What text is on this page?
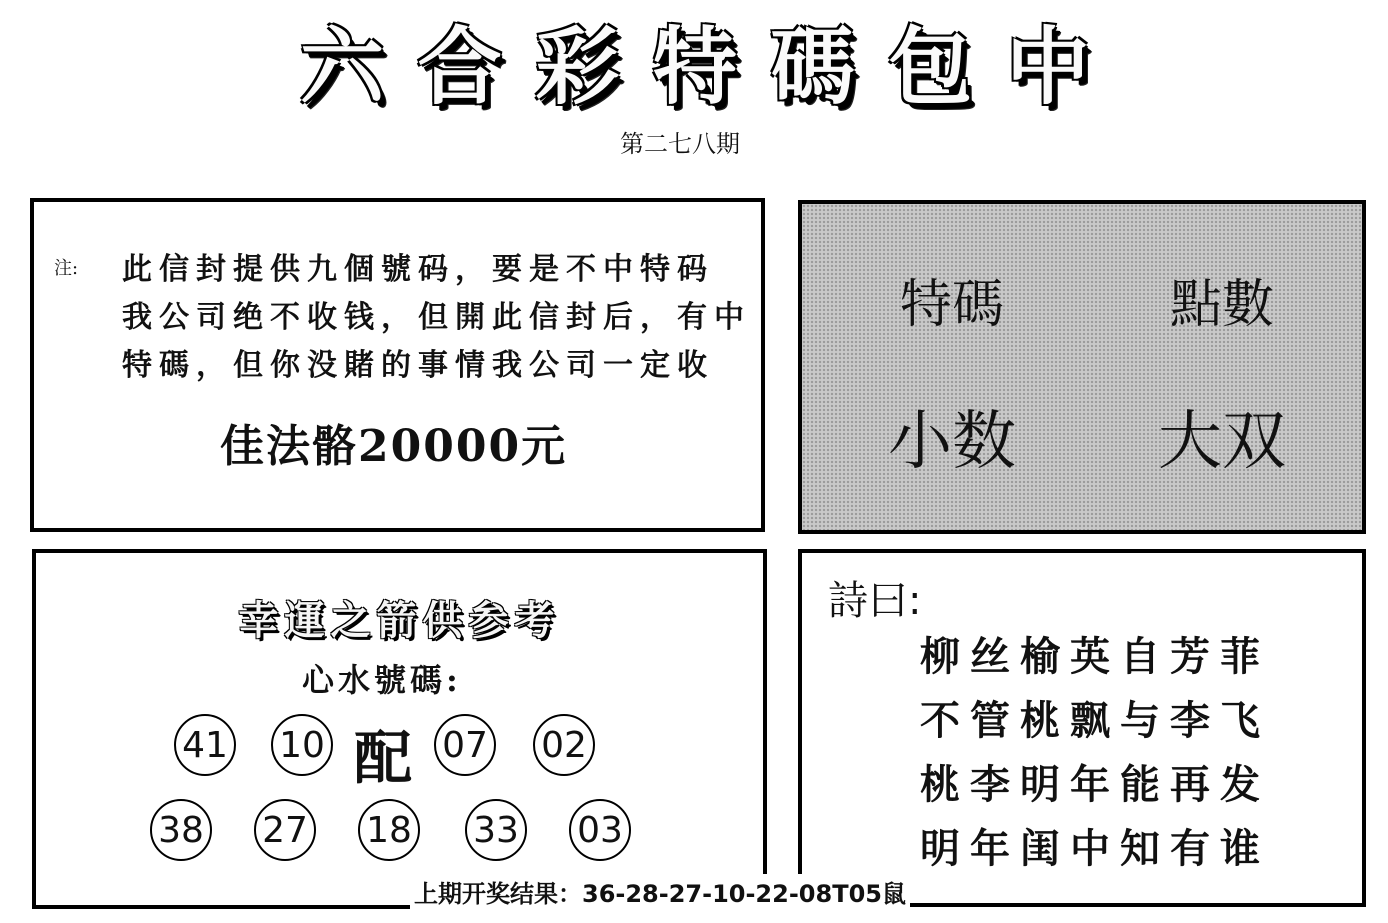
六 合 彩 特 碼 包 中
第二七八期
注: 此信封提供九個號码，要是不中特码
我公司绝不收钱，但開此信封后，有中
特碼，但你没賭的事情我公司一定收
佳法骼20000元
特碼	點數
小数	大双
幸運之箭供参考
心水號碼:
41 10 配 07 02
38 27 18 33 03
詩曰:
柳丝榆英自芳菲
不管桃飘与李飞
桃李明年能再发
明年闺中知有谁
上期开奖结果：36-28-27-10-22-08T05鼠
